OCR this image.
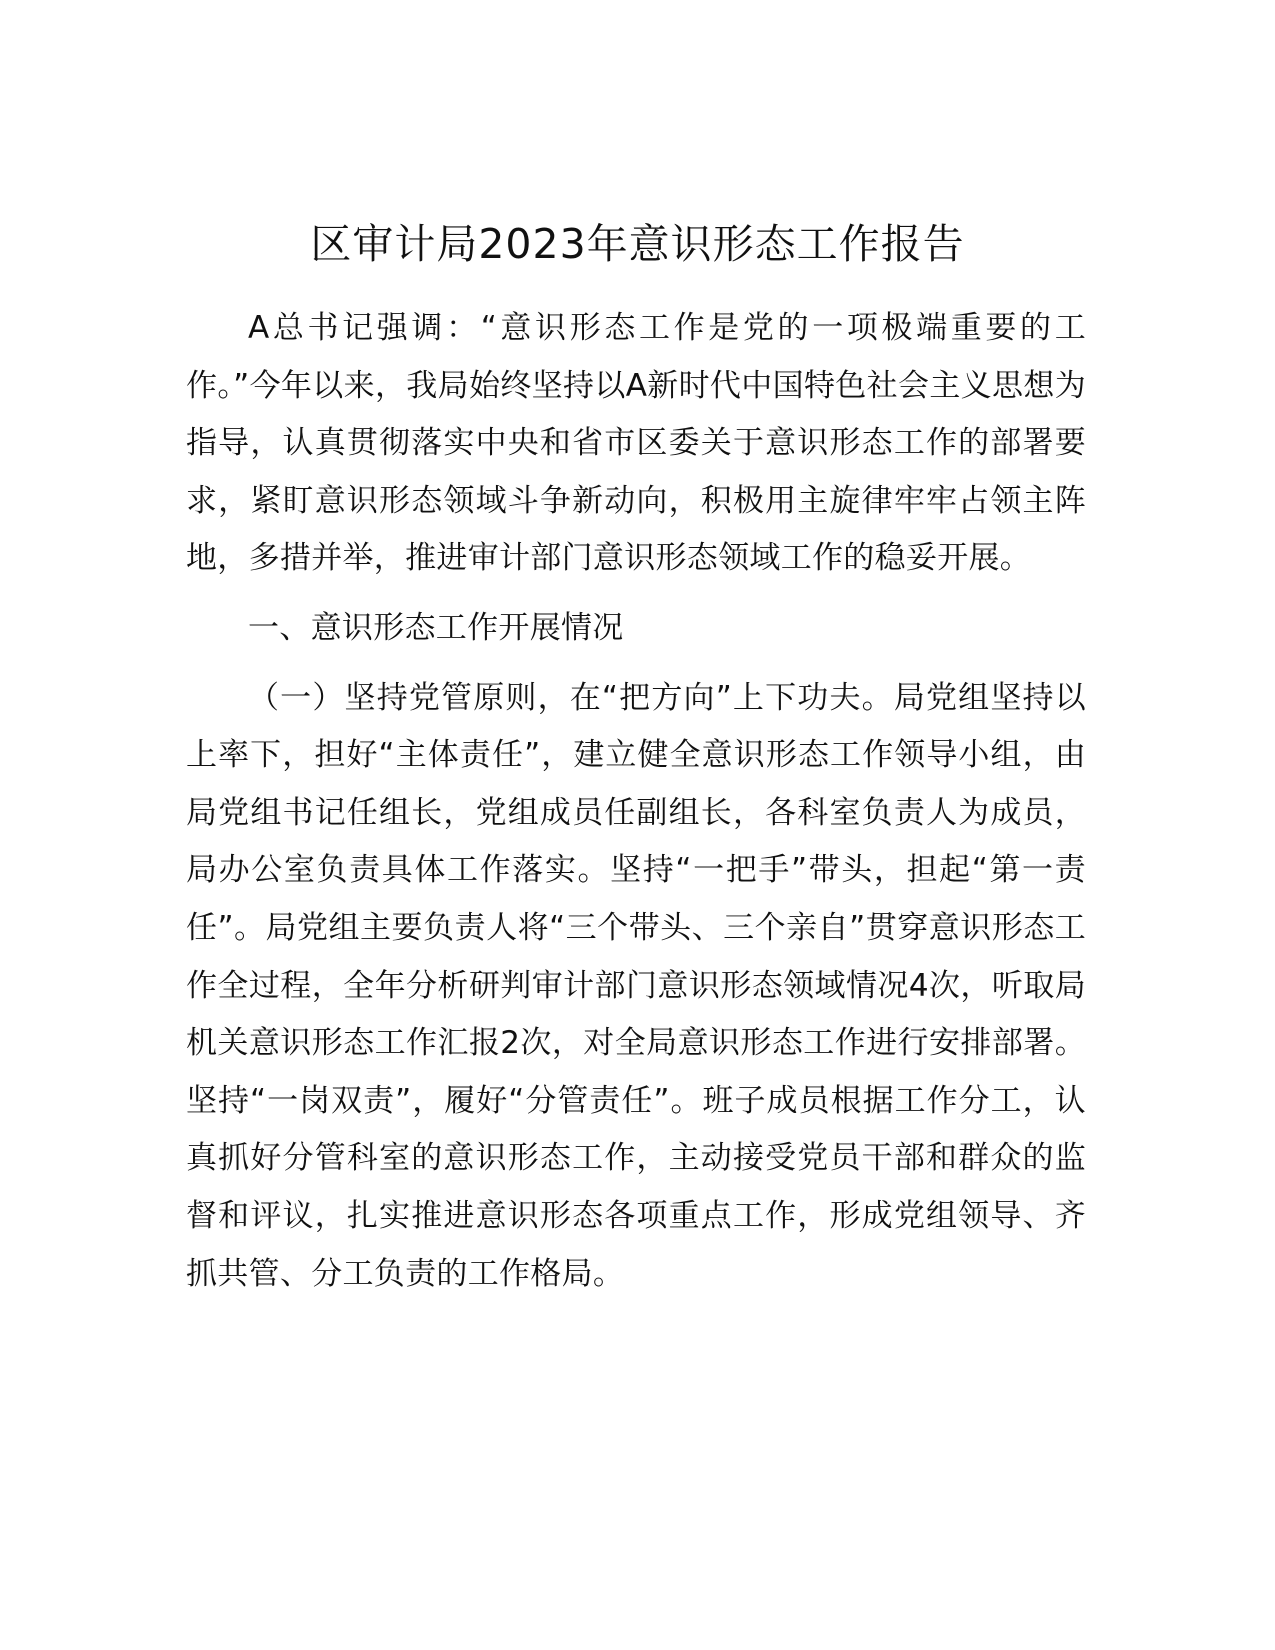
区审计局2023年意识形态工作报告

A总书记强调：“意识形态工作是党的一项极端重要的工作。”今年以来，我局始终坚持以A新时代中国特色社会主义思想为指导，认真贯彻落实中央和省市区委关于意识形态工作的部署要求，紧盯意识形态领域斗争新动向，积极用主旋律牢牢占领主阵地，多措并举，推进审计部门意识形态领域工作的稳妥开展。

一、意识形态工作开展情况

（一）坚持党管原则，在“把方向”上下功夫。局党组坚持以上率下，担好“主体责任”，建立健全意识形态工作领导小组，由局党组书记任组长，党组成员任副组长，各科室负责人为成员，局办公室负责具体工作落实。坚持“一把手”带头，担起“第一责任”。局党组主要负责人将“三个带头、三个亲自”贯穿意识形态工作全过程，全年分析研判审计部门意识形态领域情况4次，听取局机关意识形态工作汇报2次，对全局意识形态工作进行安排部署。坚持“一岗双责”，履好“分管责任”。班子成员根据工作分工，认真抓好分管科室的意识形态工作，主动接受党员干部和群众的监督和评议，扎实推进意识形态各项重点工作，形成党组领导、齐抓共管、分工负责的工作格局。
